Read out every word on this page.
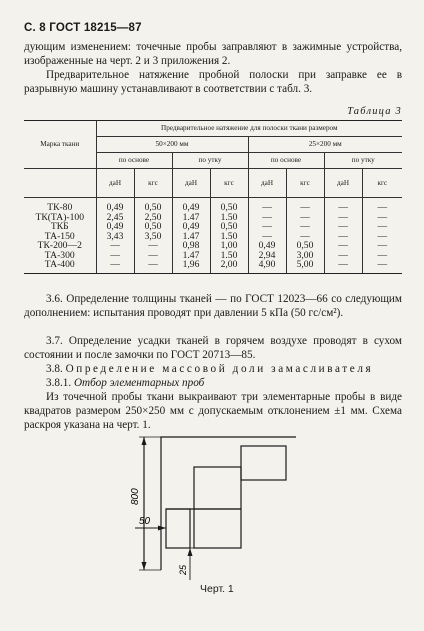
С. 8 ГОСТ 18215—87
дующим изменением: точечные пробы заправляют в зажимные устройства, изображенные на черт. 2 и 3 приложения 2.
Предварительное натяжение пробной полоски при заправке ее в разрывную машину устанавливают в соответствии с табл. 3.
Таблица 3
Марка ткани	Предварительное натяжение для полоски ткани размером							
	50×200 мм				25×200 мм			
	по основе		по утку		по основе		по утку	
	даН	кгс	даН	кгс	даН	кгс	даН	кгс
ТК-80	0,49	0,50	0,49	0,50	—	—	—	—
ТК(ТА)-100	2,45	2,50	1.47	1.50	—	—	—	—
ТКБ	0,49	0,50	0,49	0,50	—	—	—	—
ТА-150	3,43	3,50	1.47	1.50	—	—	—	—
ТК-200—2	—	—	0,98	1,00	0,49	0,50	—	—
ТА-300	—	—	1.47	1.50	2,94	3,00	—	—
ТА-400	—	—	1,96	2,00	4,90	5,00	—	—
3.6. Определение толщины тканей — по ГОСТ 12023—66 со следующим дополнением: испытания проводят при давлении 5 кПа (50 гс/см²).
3.7. Определение усадки тканей в горячем воздухе проводят в сухом состоянии и после замочки по ГОСТ 20713—85.
3.8. Определение массовой доли замасливателя
3.8.1. Отбор элементарных проб
Из точечной пробы ткани выкраивают три элементарные пробы в виде квадратов размером 250×250 мм с допускаемым отклонением ±1 мм. Схема раскроя указана на черт. 1.
800
50
25
Черт. 1
